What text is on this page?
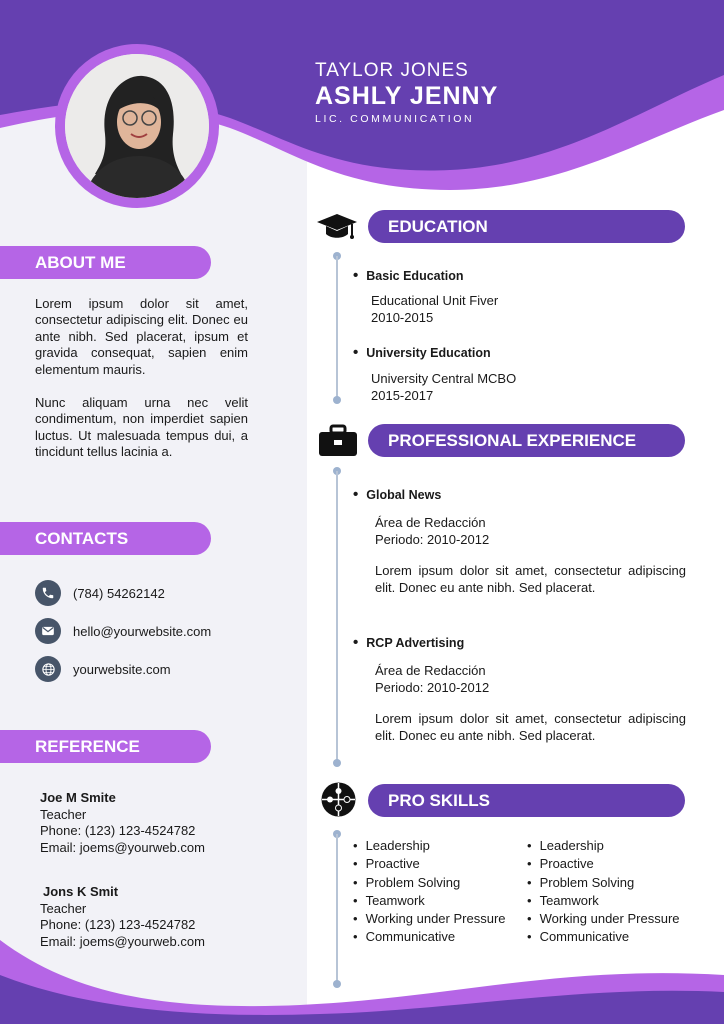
TAYLOR JONES
ASHLY JENNY
LIC. COMMUNICATION
ABOUT ME
Lorem ipsum dolor sit amet, consectetur adipiscing elit. Donec eu ante nibh. Sed placerat, ipsum et gravida consequat, sapien enim elementum mauris.
Nunc aliquam urna nec velit condimentum, non imperdiet sapien luctus. Ut malesuada tempus dui, a tincidunt tellus lacinia a.
CONTACTS
(784) 54262142
hello@yourwebsite.com
yourwebsite.com
REFERENCE
Joe M Smite
Teacher
Phone: (123) 123-4524782
Email: joems@yourweb.com
Jons K Smit
Teacher
Phone: (123) 123-4524782
Email: joems@yourweb.com
EDUCATION
• Basic Education
Educational Unit Fiver
2010-2015
• University Education
University Central MCBO
2015-2017
PROFESSIONAL EXPERIENCE
• Global News
Área de Redacción
Periodo: 2010-2012
Lorem ipsum dolor sit amet, consectetur adipiscing elit. Donec eu ante nibh. Sed placerat.
• RCP Advertising
Área de Redacción
Periodo: 2010-2012
Lorem ipsum dolor sit amet, consectetur adipiscing elit. Donec eu ante nibh. Sed placerat.
PRO SKILLS
• Leadership
• Proactive
• Problem Solving
• Teamwork
• Working under Pressure
• Communicative
• Leadership
• Proactive
• Problem Solving
• Teamwork
• Working under Pressure
• Communicative
